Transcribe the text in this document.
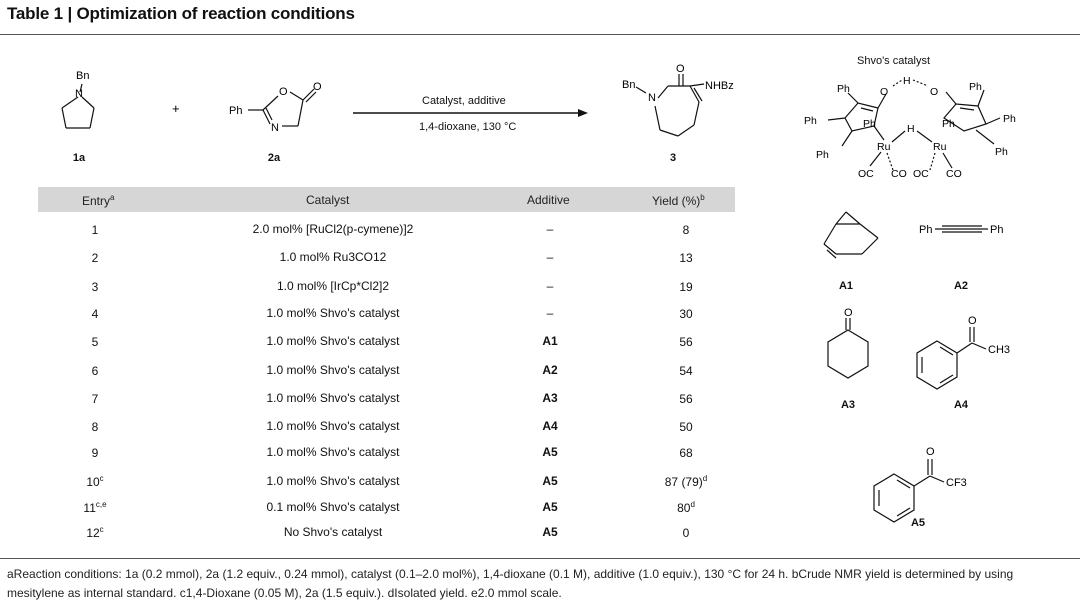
Table 1 | Optimization of reaction conditions
Bn
N
+	Ph
O
N
O	Bn
N
O
NHBz
Catalyst, additive
1,4-dioxane, 130 °C
1a	2a	3
Shvo's catalyst
H
O	O
Ph
Ph	Ph
Ph
Ph
Ph	Ph
Ph
H
Ru	Ru
OC CO OC CO
Entry$^a$	Catalyst	Additive	Yield (%)$^b$
1	2.0 mol% [RuCl2(p-cymene)]2	–	8
2	1.0 mol% Ru3CO12	–	13
3	1.0 mol% [IrCp*Cl2]2	–	19
4	1.0 mol% Shvo's catalyst	–	30
5	1.0 mol% Shvo's catalyst	A1	56
6	1.0 mol% Shvo's catalyst	A2	54
7	1.0 mol% Shvo's catalyst	A3	56
8	1.0 mol% Shvo's catalyst	A4	50
9	1.0 mol% Shvo's catalyst	A5	68
10$^c$	1.0 mol% Shvo's catalyst	A5	87 $(79)^d$
11$^{c,e}$	0.1 mol% Shvo's catalyst	A5	80$^d$
12$^c$	No Shvo's catalyst	A5	0
Ph	Ph
O
O
CH3
O
CF3
A1	A2
A3	A4
A5
aReaction conditions: 1a (0.2 mmol), 2a (1.2 equiv., 0.24 mmol), catalyst (0.1–2.0 mol%), 1,4-dioxane (0.1 M), additive (1.0 equiv.), 130 °C for 24 h. bCrude NMR yield is determined by using
mesitylene as internal standard. c1,4-Dioxane (0.05 M), 2a (1.5 equiv.). dIsolated yield. e2.0 mmol scale.
